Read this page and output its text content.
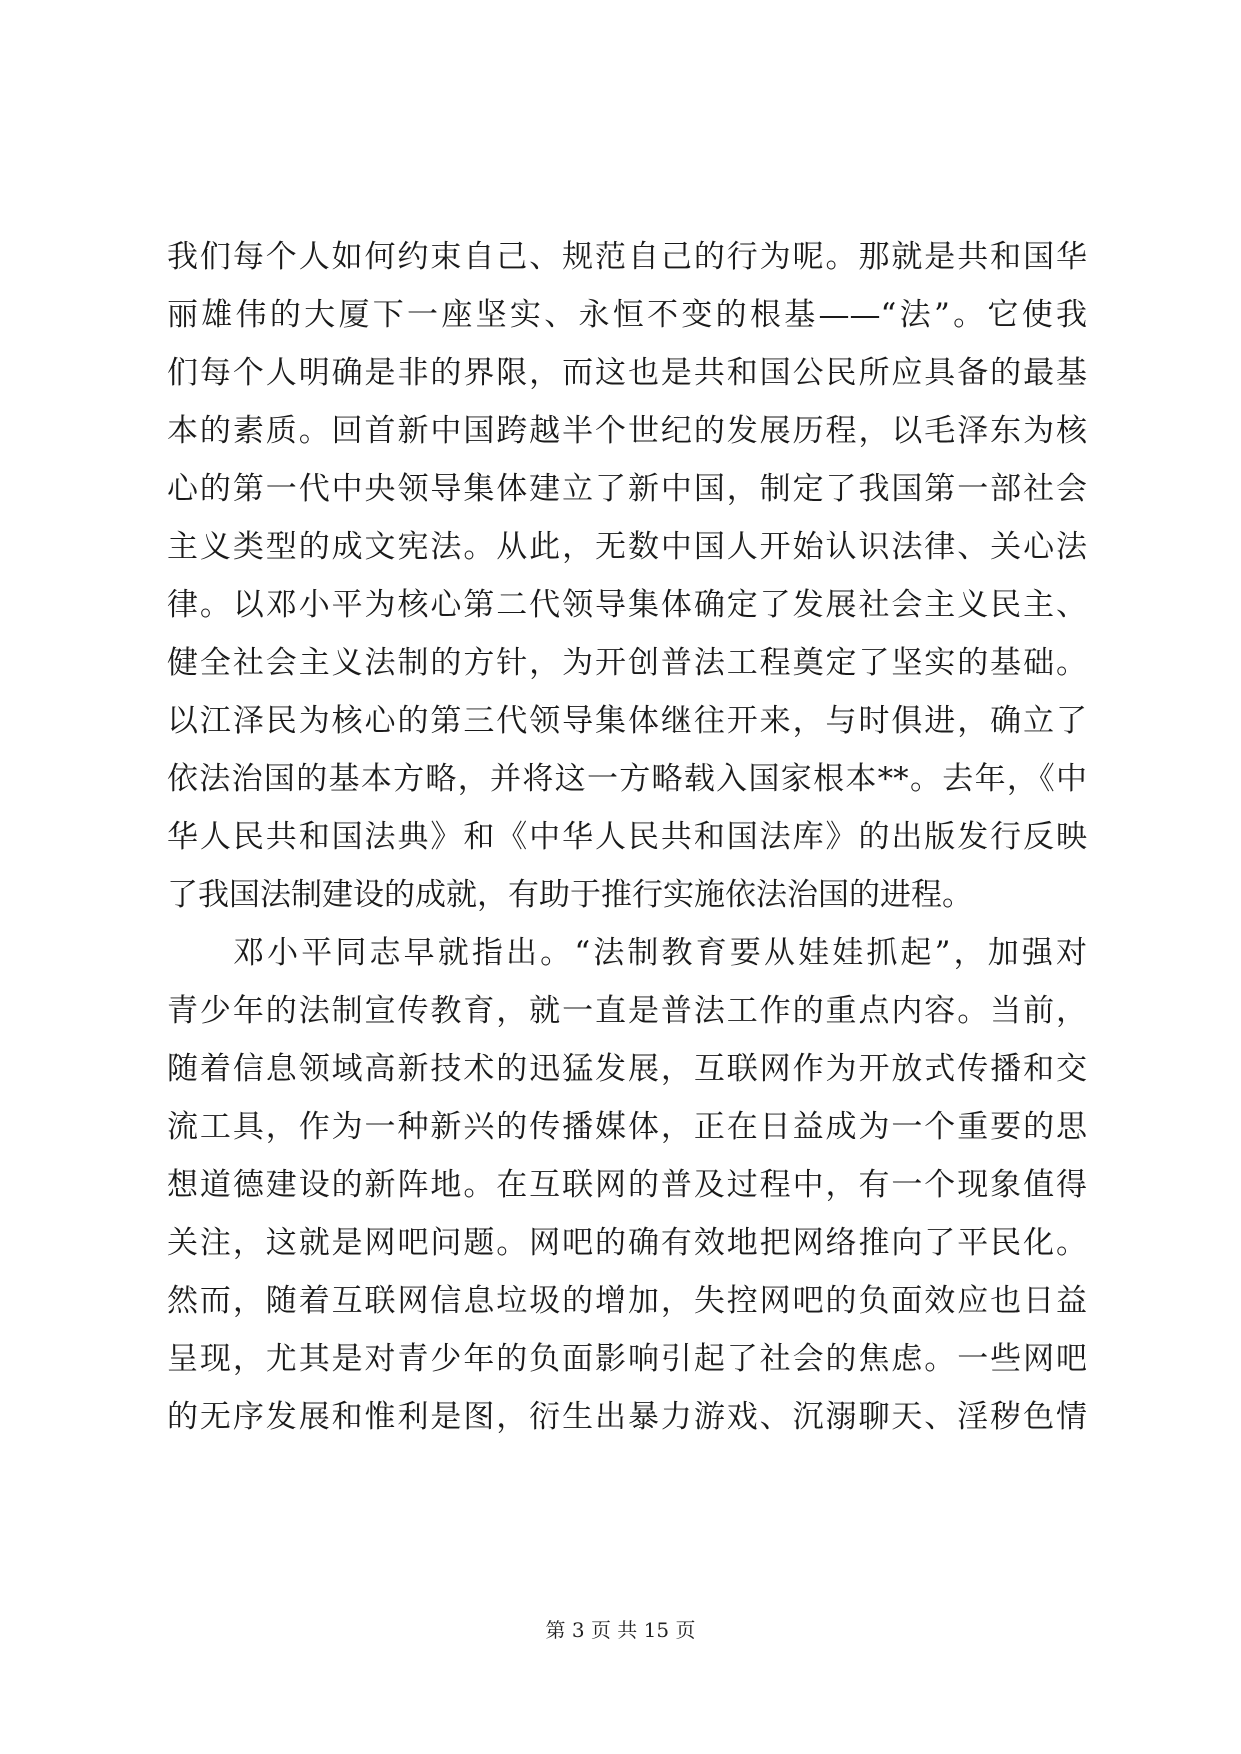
我们每个人如何约束自己、规范自己的行为呢。那就是共和国华
丽雄伟的大厦下一座坚实、永恒不变的根基——“法”。它使我
们每个人明确是非的界限，而这也是共和国公民所应具备的最基
本的素质。回首新中国跨越半个世纪的发展历程，以毛泽东为核
心的第一代中央领导集体建立了新中国，制定了我国第一部社会
主义类型的成文宪法。从此，无数中国人开始认识法律、关心法
律。以邓小平为核心第二代领导集体确定了发展社会主义民主、
健全社会主义法制的方针，为开创普法工程奠定了坚实的基础。
以江泽民为核心的第三代领导集体继往开来，与时俱进，确立了
依法治国的基本方略，并将这一方略载入国家根本**。去年，《中
华人民共和国法典》和《中华人民共和国法库》的出版发行反映
了我国法制建设的成就，有助于推行实施依法治国的进程。
邓小平同志早就指出。“法制教育要从娃娃抓起”，加强对
青少年的法制宣传教育，就一直是普法工作的重点内容。当前，
随着信息领域高新技术的迅猛发展，互联网作为开放式传播和交
流工具，作为一种新兴的传播媒体，正在日益成为一个重要的思
想道德建设的新阵地。在互联网的普及过程中，有一个现象值得
关注，这就是网吧问题。网吧的确有效地把网络推向了平民化。
然而，随着互联网信息垃圾的增加，失控网吧的负面效应也日益
呈现，尤其是对青少年的负面影响引起了社会的焦虑。一些网吧
的无序发展和惟利是图，衍生出暴力游戏、沉溺聊天、淫秽色情
第 3 页 共 15 页
